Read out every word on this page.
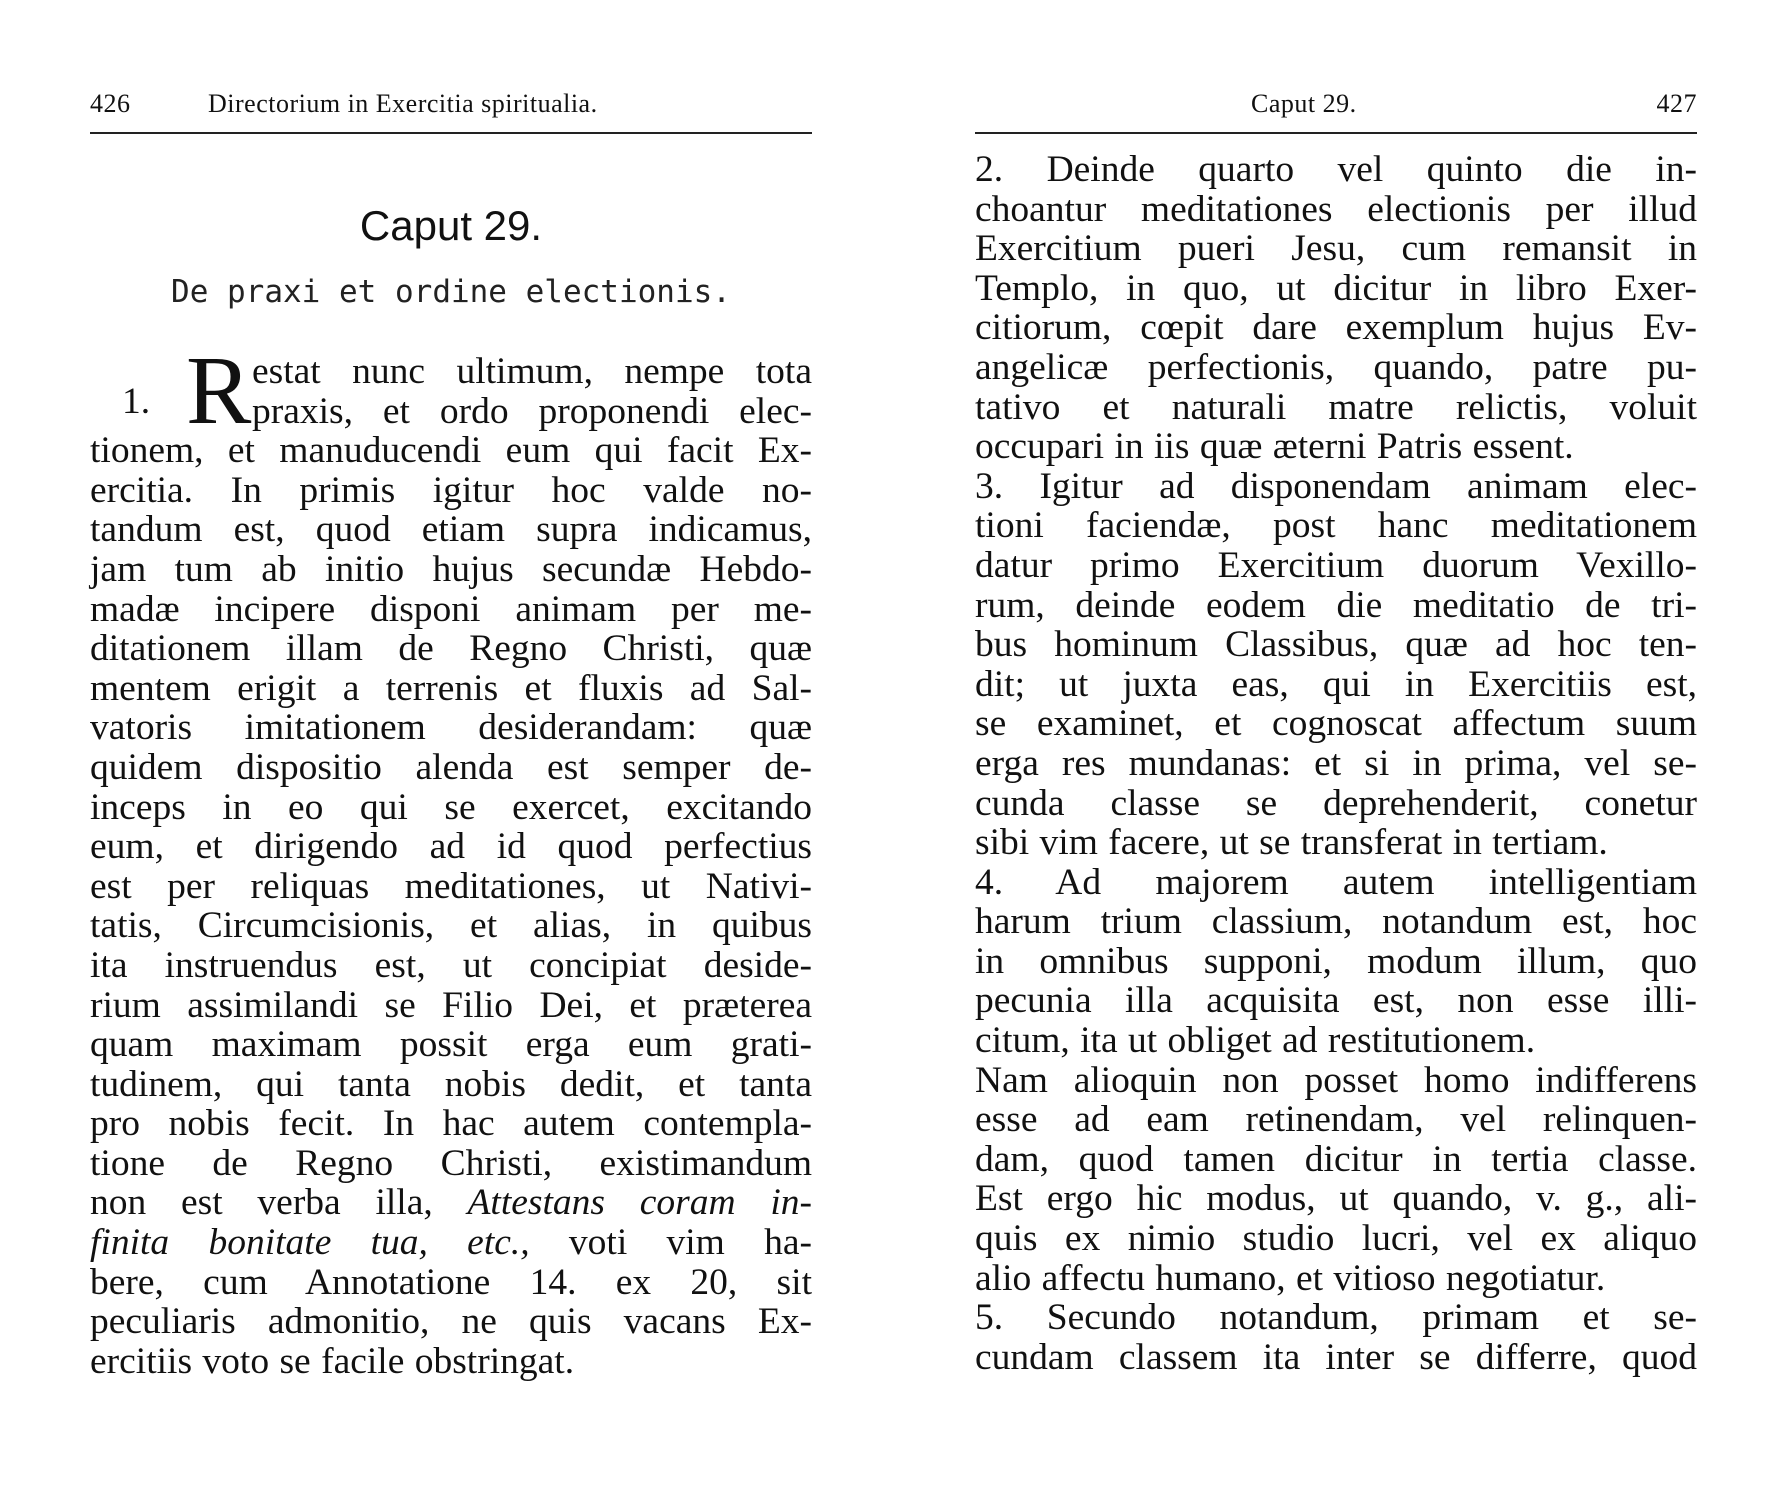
426	Directorium in Exercitia spiritualia.
Caput 29.
De praxi et ordine electionis.
1. R estat nunc ultimum, nempe tota
praxis, et ordo proponendi elec-
tionem, et manuducendi eum qui facit Ex-
ercitia. In primis igitur hoc valde no-
tandum est, quod etiam supra indicamus,
jam tum ab initio hujus secundæ Hebdo-
madæ incipere disponi animam per me-
ditationem illam de Regno Christi, quæ
mentem erigit a terrenis et fluxis ad Sal-
vatoris imitationem desiderandam: quæ
quidem dispositio alenda est semper de-
inceps in eo qui se exercet, excitando
eum, et dirigendo ad id quod perfectius
est per reliquas meditationes, ut Nativi-
tatis, Circumcisionis, et alias, in quibus
ita instruendus est, ut concipiat deside-
rium assimilandi se Filio Dei, et præterea
quam maximam possit erga eum grati-
tudinem, qui tanta nobis dedit, et tanta
pro nobis fecit. In hac autem contempla-
tione de Regno Christi, existimandum
non est verba illa, Attestans coram in-
finita bonitate tua, etc., voti vim ha-
bere, cum Annotatione 14. ex 20, sit
peculiaris admonitio, ne quis vacans Ex-
ercitiis voto se facile obstringat.
Caput 29.	427
2. Deinde quarto vel quinto die in-
choantur meditationes electionis per illud
Exercitium pueri Jesu, cum remansit in
Templo, in quo, ut dicitur in libro Exer-
citiorum, cœpit dare exemplum hujus Ev-
angelicæ perfectionis, quando, patre pu-
tativo et naturali matre relictis, voluit
occupari in iis quæ æterni Patris essent.
3. Igitur ad disponendam animam elec-
tioni faciendæ, post hanc meditationem
datur primo Exercitium duorum Vexillo-
rum, deinde eodem die meditatio de tri-
bus hominum Classibus, quæ ad hoc ten-
dit; ut juxta eas, qui in Exercitiis est,
se examinet, et cognoscat affectum suum
erga res mundanas: et si in prima, vel se-
cunda classe se deprehenderit, conetur
sibi vim facere, ut se transferat in tertiam.
4. Ad majorem autem intelligentiam
harum trium classium, notandum est, hoc
in omnibus supponi, modum illum, quo
pecunia illa acquisita est, non esse illi-
citum, ita ut obliget ad restitutionem.
Nam alioquin non posset homo indifferens
esse ad eam retinendam, vel relinquen-
dam, quod tamen dicitur in tertia classe.
Est ergo hic modus, ut quando, v. g., ali-
quis ex nimio studio lucri, vel ex aliquo
alio affectu humano, et vitioso negotiatur.
5. Secundo notandum, primam et se-
cundam classem ita inter se differre, quod
